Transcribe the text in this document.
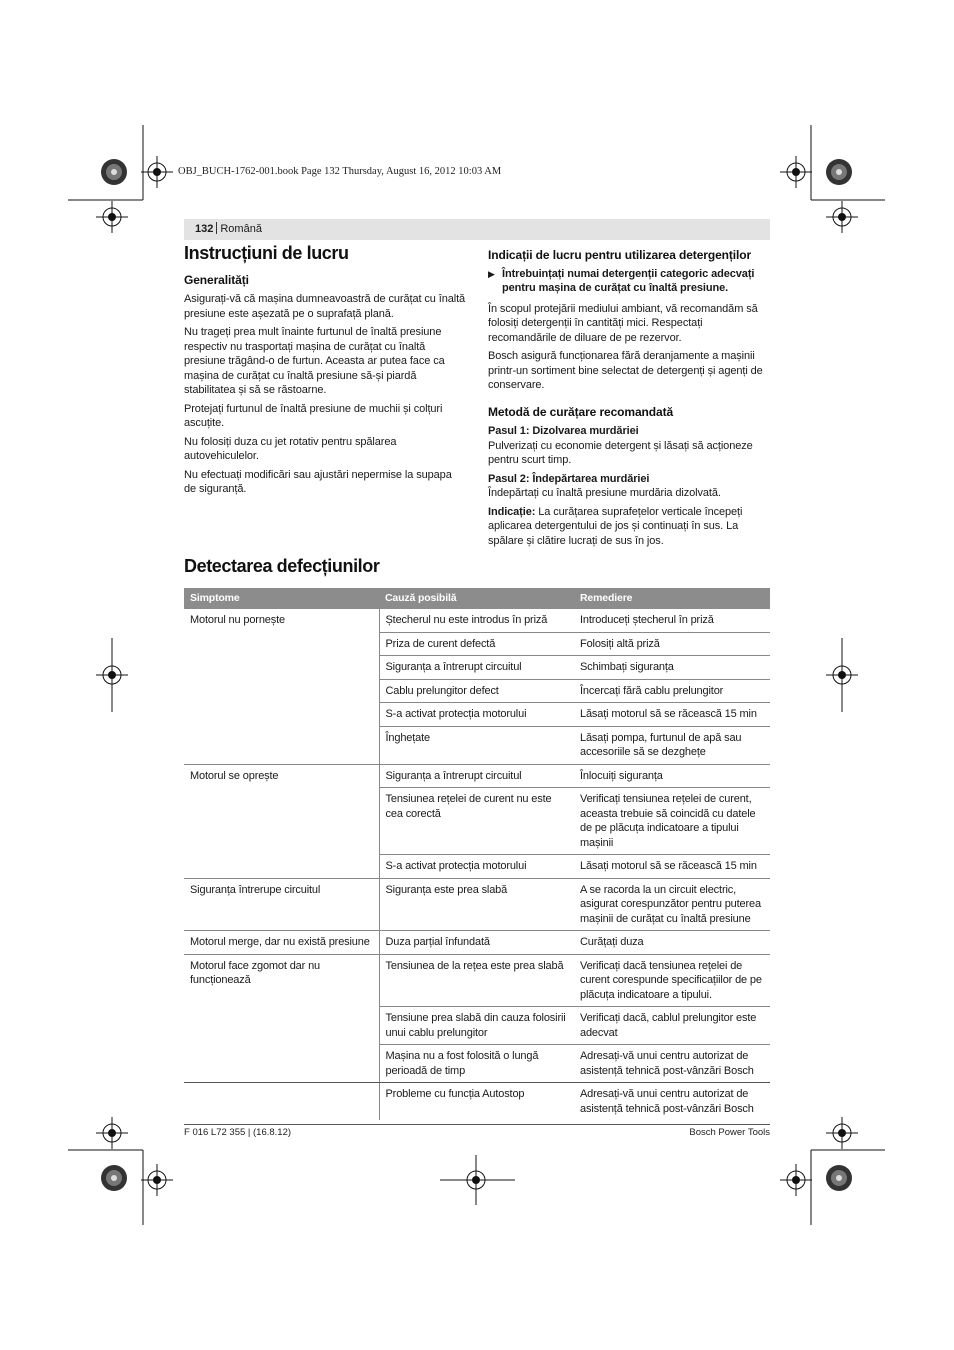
OBJ_BUCH-1762-001.book Page 132 Thursday, August 16, 2012 10:03 AM
132 Română
Instrucțiuni de lucru
Generalități

Asigurați-vă că mașina dumneavoastră de curățat cu înaltă presiune este așezată pe o suprafață plană.

Nu trageți prea mult înainte furtunul de înaltă presiune respectiv nu trasportați mașina de curățat cu înaltă presiune trăgând-o de furtun. Aceasta ar putea face ca mașina de curățat cu înaltă presiune să-și piardă stabilitatea și să se răstoarne.

Protejați furtunul de înaltă presiune de muchii și colțuri ascuțite.

Nu folosiți duza cu jet rotativ pentru spălarea autovehiculelor.

Nu efectuați modificări sau ajustări nepermise la supapa de siguranță.

Indicații de lucru pentru utilizarea detergenților
▶ Întrebuințați numai detergenții categoric adecvați pentru mașina de curățat cu înaltă presiune.

În scopul protejării mediului ambiant, vă recomandăm să folosiți detergenții în cantități mici. Respectați recomandările de diluare de pe rezervor.

Bosch asigură funcționarea fără deranjamente a mașinii printr-un sortiment bine selectat de detergenți și agenți de conservare.

Metodă de curățare recomandată

Pasul 1: Dizolvarea murdăriei

Pulverizați cu economie detergent și lăsați să acționeze pentru scurt timp.

Pasul 2: Îndepărtarea murdăriei

Îndepărtați cu înaltă presiune murdăria dizolvată.

Indicație: La curățarea suprafețelor verticale începeți aplicarea detergentului de jos și continuați în sus. La spălare și clătire lucrați de sus în jos.

Detectarea defecțiunilor
Simptome	Cauză posibilă	Remediere
Motorul nu pornește	Ștecherul nu este introdus în priză	Introduceți ștecherul în priză
	Priza de curent defectă	Folosiți altă priză
	Siguranța a întrerupt circuitul	Schimbați siguranța
	Cablu prelungitor defect	Încercați fără cablu prelungitor
	S-a activat protecția motorului	Lăsați motorul să se răcească 15 min
	Înghețate	Lăsați pompa, furtunul de apă sau accesoriile să se dezghețe
Motorul se oprește	Siguranța a întrerupt circuitul	Înlocuiți siguranța
	Tensiunea rețelei de curent nu este cea corectă	Verificați tensiunea rețelei de curent, aceasta trebuie să coincidă cu datele de pe plăcuța indicatoare a tipului mașinii
	S-a activat protecția motorului	Lăsați motorul să se răcească 15 min
Siguranța întrerupe circuitul	Siguranța este prea slabă	A se racorda la un circuit electric, asigurat corespunzător pentru puterea mașinii de curățat cu înaltă presiune
Motorul merge, dar nu există presiune	Duza parțial înfundată	Curățați duza
Motorul face zgomot dar nu funcționează	Tensiunea de la rețea este prea slabă	Verificați dacă tensiunea rețelei de curent corespunde specificațiilor de pe plăcuța indicatoare a tipului.
	Tensiune prea slabă din cauza folosirii unui cablu prelungitor	Verificați dacă, cablul prelungitor este adecvat
	Mașina nu a fost folosită o lungă perioadă de timp	Adresați-vă unui centru autorizat de asistență tehnică post-vânzări Bosch
	Probleme cu funcția Autostop	Adresați-vă unui centru autorizat de asistență tehnică post-vânzări Bosch
F 016 L72 355 | (16.8.12)	Bosch Power Tools
